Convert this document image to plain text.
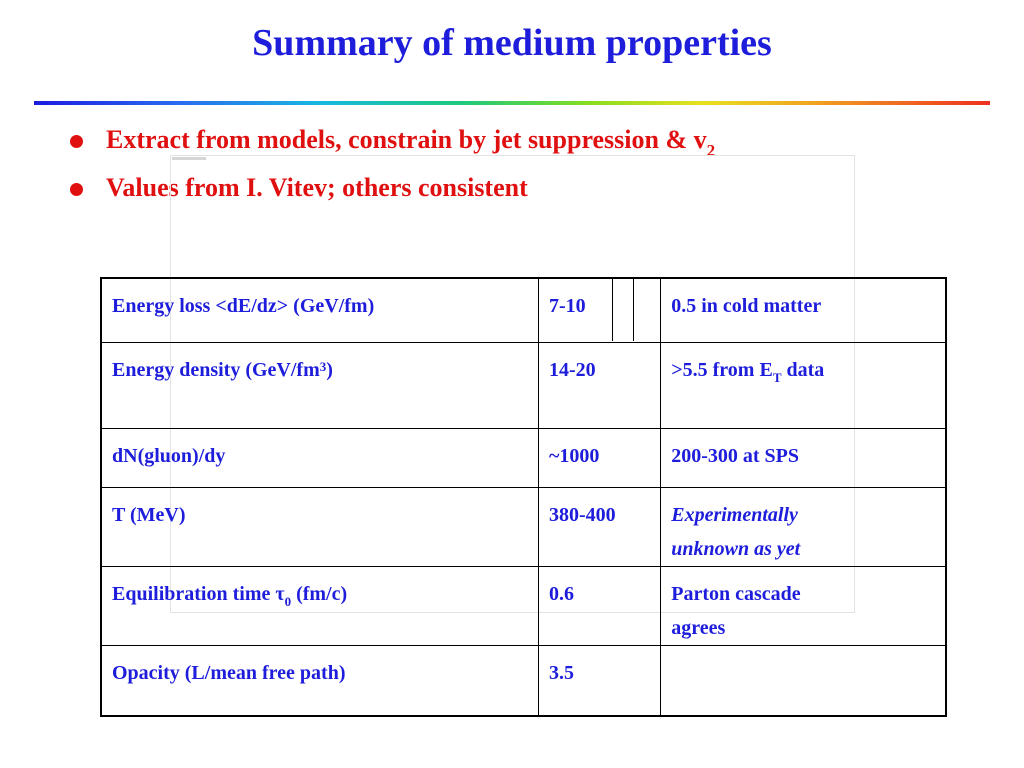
Summary of medium properties
Extract from models, constrain by jet suppression & $v_2$
Values from I. Vitev; others consistent
Energy loss <dE/dz> (GeV/fm)	7-10	0.5 in cold matter
Energy density $(GeV/fm^3)$	14-20	>5.5 from $E_T$ data
dN(gluon)/dy	~1000	200-300 at SPS
T (MeV)	380-400	Experimentally
unknown as yet

Equilibration time $\tau_0$ (fm/c)	0.6	Parton cascade
agrees

Opacity (L/mean free path)	3.5	
